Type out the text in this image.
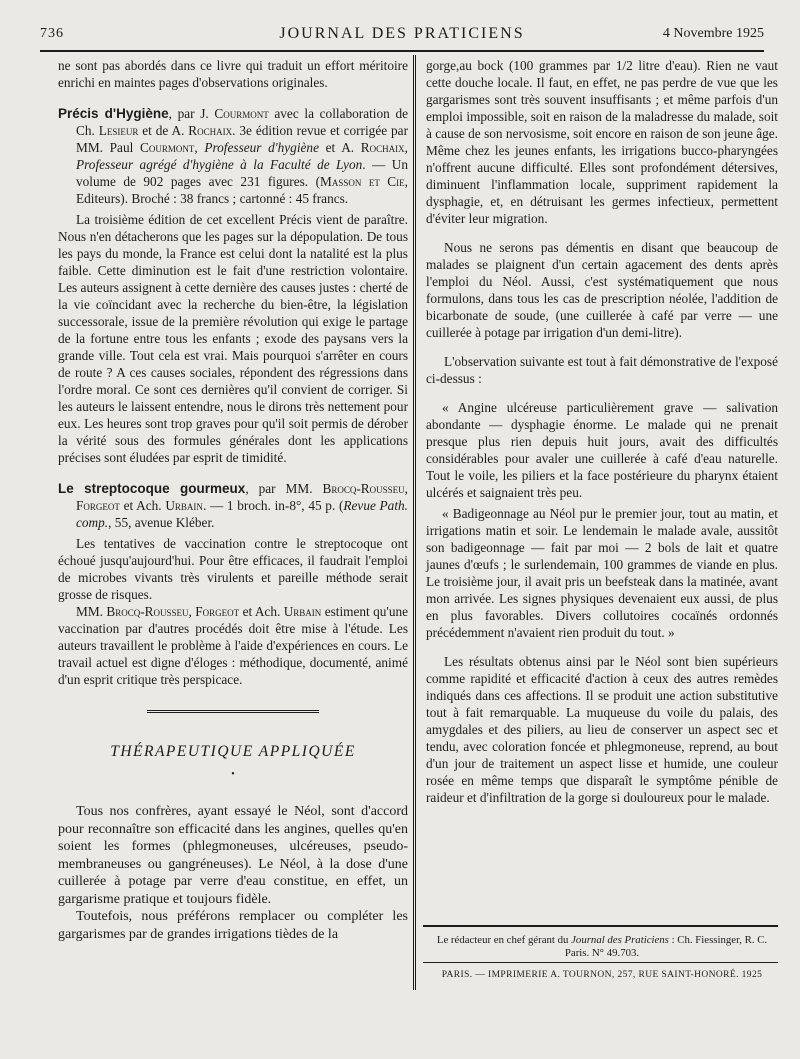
736	JOURNAL DES PRATICIENS	4 Novembre 1925

ne sont pas abordés dans ce livre qui traduit un effort méritoire enrichi en maintes pages d'observations originales.

Précis d'Hygiène, par J. Courmont avec la collaboration de Ch. Lesieur et de A. Rochaix. 3e édition revue et corrigée par MM. Paul Courmont, Professeur d'hygiène et A. Rochaix, Professeur agrégé d'hygiène à la Faculté de Lyon. — Un volume de 902 pages avec 231 figures. (Masson et Cie, Editeurs). Broché : 38 francs ; cartonné : 45 francs.

La troisième édition de cet excellent Précis vient de paraître. Nous n'en détacherons que les pages sur la dépopulation. De tous les pays du monde, la France est celui dont la natalité est la plus faible. Cette diminution est le fait d'une restriction volontaire. Les auteurs assignent à cette dernière des causes justes : cherté de la vie coïncidant avec la recherche du bien-être, la législation successorale, issue de la première révolution qui exige le partage de la fortune entre tous les enfants ; exode des paysans vers la grande ville. Tout cela est vrai. Mais pourquoi s'arrêter en cours de route ? A ces causes sociales, répondent des régressions dans l'ordre moral. Ce sont ces dernières qu'il convient de corriger. Si les auteurs le laissent entendre, nous le dirons très nettement pour eux. Les heures sont trop graves pour qu'il soit permis de dérober la vérité sous des formules générales dont les applications précises sont éludées par esprit de timidité.

Le streptocoque gourmeux, par MM. Brocq-Rousseu, Forgeot et Ach. Urbain. — 1 broch. in-8°, 45 p. (Revue Path. comp., 55, avenue Kléber.

Les tentatives de vaccination contre le streptocoque ont échoué jusqu'aujourd'hui. Pour être efficaces, il faudrait l'emploi de microbes vivants très virulents et pareille méthode serait grosse de risques.

MM. Brocq-Rousseu, Forgeot et Ach. Urbain estiment qu'une vaccination par d'autres procédés doit être mise à l'étude. Les auteurs travaillent le problème à l'aide d'expériences en cours. Le travail actuel est digne d'éloges : méthodique, documenté, animé d'un esprit critique très perspicace.

THÉRAPEUTIQUE APPLIQUÉE
•

Tous nos confrères, ayant essayé le Néol, sont d'accord pour reconnaître son efficacité dans les angines, quelles qu'en soient les formes (phlegmoneuses, ulcéreuses, pseudo-membraneuses ou gangréneuses). Le Néol, à la dose d'une cuillerée à potage par verre d'eau constitue, en effet, un gargarisme pratique et toujours fidèle.

Toutefois, nous préférons remplacer ou compléter les gargarismes par de grandes irrigations tièdes de la

gorge,au bock (100 grammes par 1/2 litre d'eau). Rien ne vaut cette douche locale. Il faut, en effet, ne pas perdre de vue que les gargarismes sont très souvent insuffisants ; et même parfois d'un emploi impossible, soit en raison de la maladresse du malade, soit à cause de son nervosisme, soit encore en raison de son jeune âge. Même chez les jeunes enfants, les irrigations bucco-pharyngées n'offrent aucune difficulté. Elles sont profondément détersives, diminuent l'inflammation locale, suppriment rapidement la dysphagie, et, en détruisant les germes infectieux, permettent d'éviter leur migration.

Nous ne serons pas démentis en disant que beaucoup de malades se plaignent d'un certain agacement des dents après l'emploi du Néol. Aussi, c'est systématiquement que nous formulons, dans tous les cas de prescription néolée, l'addition de bicarbonate de soude, (une cuillerée à café par verre — une cuillerée à potage par irrigation d'un demi-litre).

L'observation suivante est tout à fait démonstrative de l'exposé ci-dessus :

« Angine ulcéreuse particulièrement grave — salivation abondante — dysphagie énorme. Le malade qui ne prenait presque plus rien depuis huit jours, avait des difficultés considérables pour avaler une cuillerée à café d'eau naturelle. Tout le voile, les piliers et la face postérieure du pharynx étaient ulcérés et saignaient très peu.

« Badigeonnage au Néol pur le premier jour, tout au matin, et irrigations matin et soir. Le lendemain le malade avale, aussitôt son badigeonnage — fait par moi — 2 bols de lait et quatre jaunes d'œufs ; le surlendemain, 100 grammes de viande en plus. Le troisième jour, il avait pris un beefsteak dans la matinée, avant mon arrivée. Les signes physiques devenaient eux aussi, de plus en plus favorables. Divers collutoires cocaïnés ordonnés précédemment n'avaient rien produit du tout. »

Les résultats obtenus ainsi par le Néol sont bien supérieurs comme rapidité et efficacité d'action à ceux des autres remèdes indiqués dans ces affections. Il se produit une action substitutive tout à fait remarquable. La muqueuse du voile du palais, des amygdales et des piliers, au lieu de conserver un aspect sec et tendu, avec coloration foncée et phlegmoneuse, reprend, au bout d'un jour de traitement un aspect lisse et humide, une couleur rosée en même temps que disparaît le symptôme pénible de raideur et d'infiltration de la gorge si douloureux pour le malade.

Le rédacteur en chef gérant du Journal des Praticiens : Ch. Fiessinger, R. C. Paris. N° 49.703.
PARIS. — IMPRIMERIE A. TOURNON, 257, RUE SAINT-HONORÉ. 1925
